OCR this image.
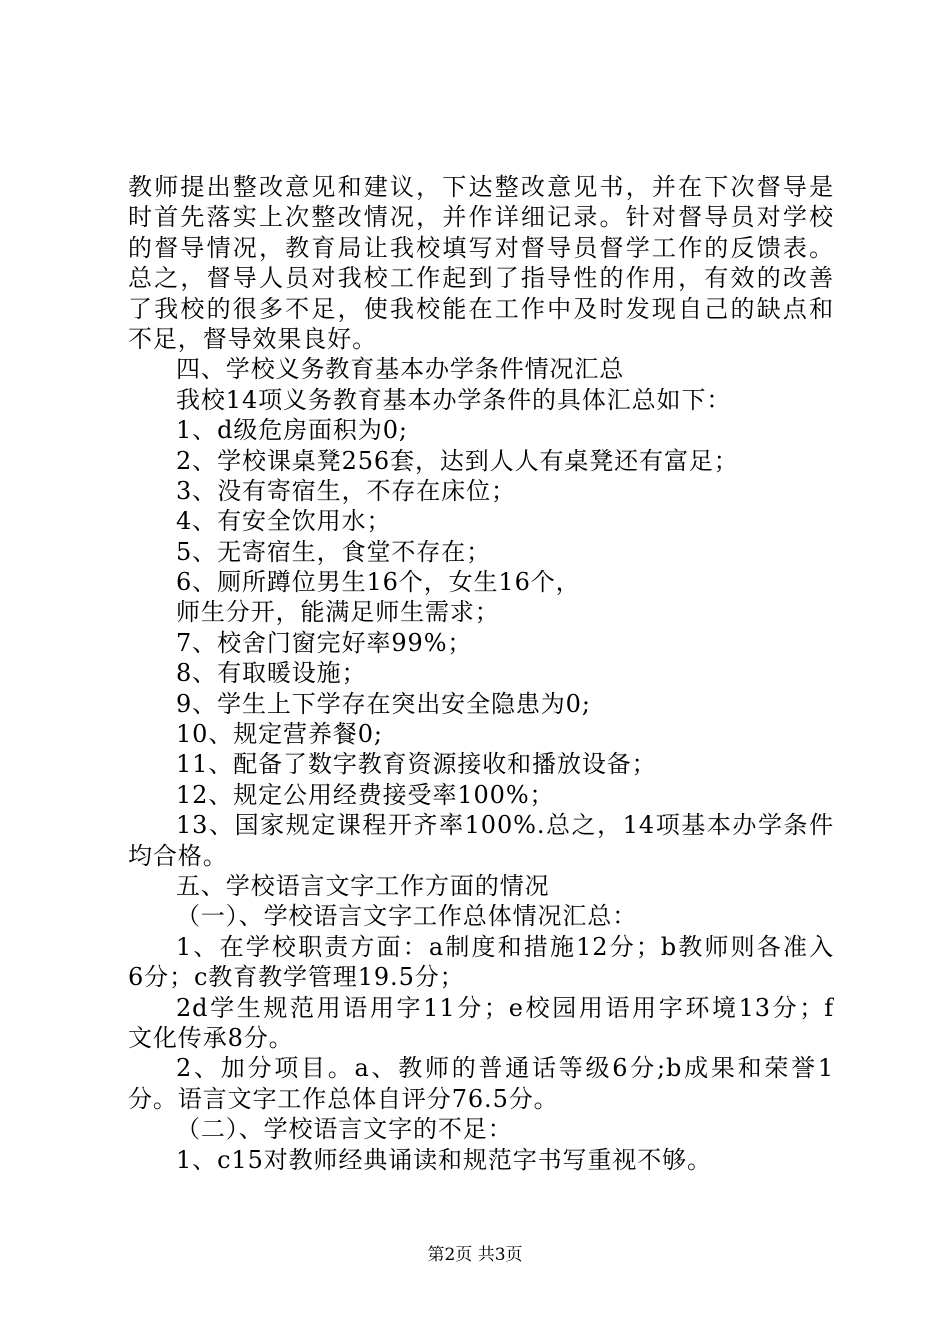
教师提出整改意见和建议，下达整改意见书，并在下次督导是
时首先落实上次整改情况，并作详细记录。针对督导员对学校
的督导情况，教育局让我校填写对督导员督学工作的反馈表。
总之，督导人员对我校工作起到了指导性的作用，有效的改善
了我校的很多不足，使我校能在工作中及时发现自己的缺点和
不足，督导效果良好。
四、学校义务教育基本办学条件情况汇总
我校14项义务教育基本办学条件的具体汇总如下：
1、d级危房面积为0;
2、学校课桌凳256套，达到人人有桌凳还有富足；
3、没有寄宿生，不存在床位；
4、有安全饮用水；
5、无寄宿生，食堂不存在；
6、厕所蹲位男生16个，女生16个，
师生分开，能满足师生需求；
7、校舍门窗完好率99%；
8、有取暖设施；
9、学生上下学存在突出安全隐患为0;
10、规定营养餐0;
11、配备了数字教育资源接收和播放设备；
12、规定公用经费接受率100%；
13、国家规定课程开齐率100%.总之，14项基本办学条件
均合格。
五、学校语言文字工作方面的情况
（一）、学校语言文字工作总体情况汇总：
1、在学校职责方面：a制度和措施12分；b教师则各准入
6分；c教育教学管理19.5分；
2d学生规范用语用字11分；e校园用语用字环境13分；f
文化传承8分。
2、加分项目。a、教师的普通话等级6分;b成果和荣誉1
分。语言文字工作总体自评分76.5分。
（二）、学校语言文字的不足：
1、c15对教师经典诵读和规范字书写重视不够。
第2页 共3页
